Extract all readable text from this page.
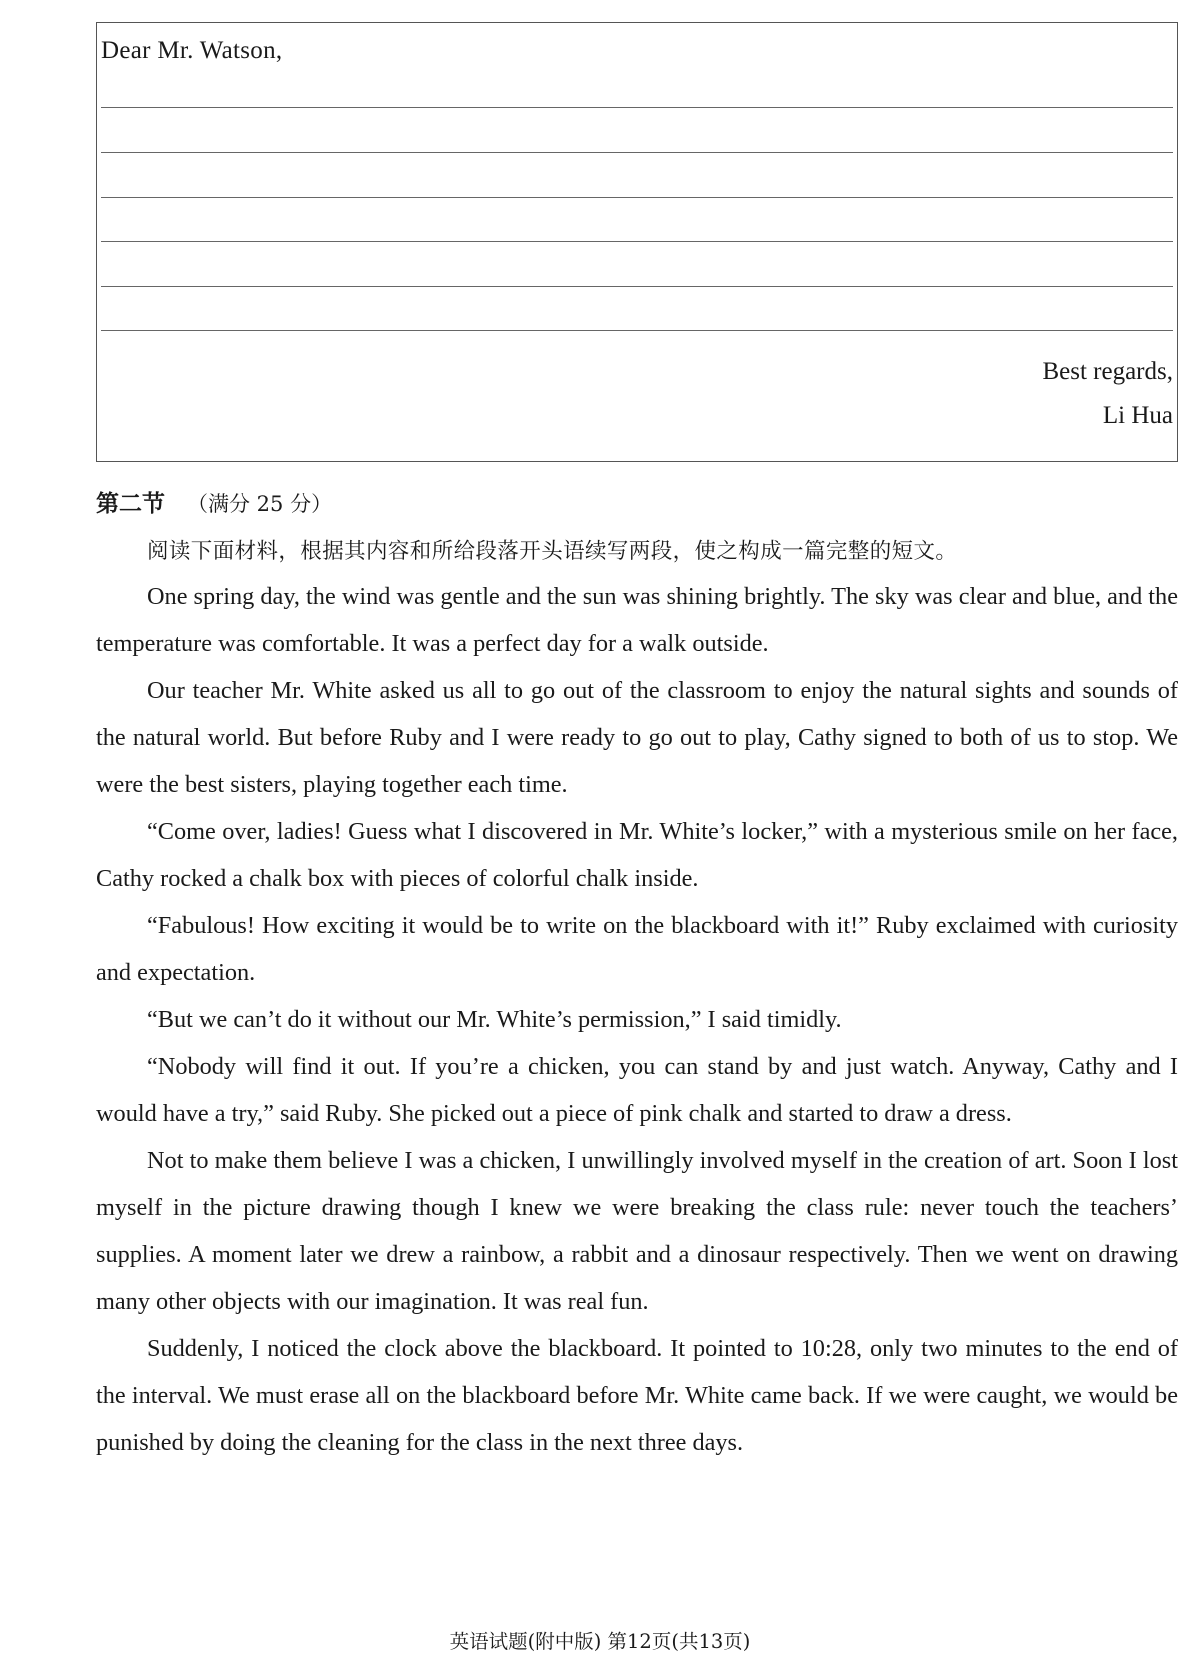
Dear Mr. Watson,
Best regards,
Li Hua
第二节 （满分 25 分）
阅读下面材料，根据其内容和所给段落开头语续写两段，使之构成一篇完整的短文。

One spring day, the wind was gentle and the sun was shining brightly. The sky was clear and blue, and the temperature was comfortable. It was a perfect day for a walk outside.

Our teacher Mr. White asked us all to go out of the classroom to enjoy the natural sights and sounds of the natural world. But before Ruby and I were ready to go out to play, Cathy signed to both of us to stop. We were the best sisters, playing together each time.

“Come over, ladies! Guess what I discovered in Mr. White’s locker,” with a mysterious smile on her face, Cathy rocked a chalk box with pieces of colorful chalk inside.

“Fabulous! How exciting it would be to write on the blackboard with it!” Ruby exclaimed with curiosity and expectation.

“But we can’t do it without our Mr. White’s permission,” I said timidly.

“Nobody will find it out. If you’re a chicken, you can stand by and just watch. Anyway, Cathy and I would have a try,” said Ruby. She picked out a piece of pink chalk and started to draw a dress.

Not to make them believe I was a chicken, I unwillingly involved myself in the creation of art. Soon I lost myself in the picture drawing though I knew we were breaking the class rule: never touch the teachers’ supplies. A moment later we drew a rainbow, a rabbit and a dinosaur respectively. Then we went on drawing many other objects with our imagination. It was real fun.

Suddenly, I noticed the clock above the blackboard. It pointed to 10:28, only two minutes to the end of the interval. We must erase all on the blackboard before Mr. White came back. If we were caught, we would be punished by doing the cleaning for the class in the next three days.

英语试题(附中版) 第12页(共13页)
